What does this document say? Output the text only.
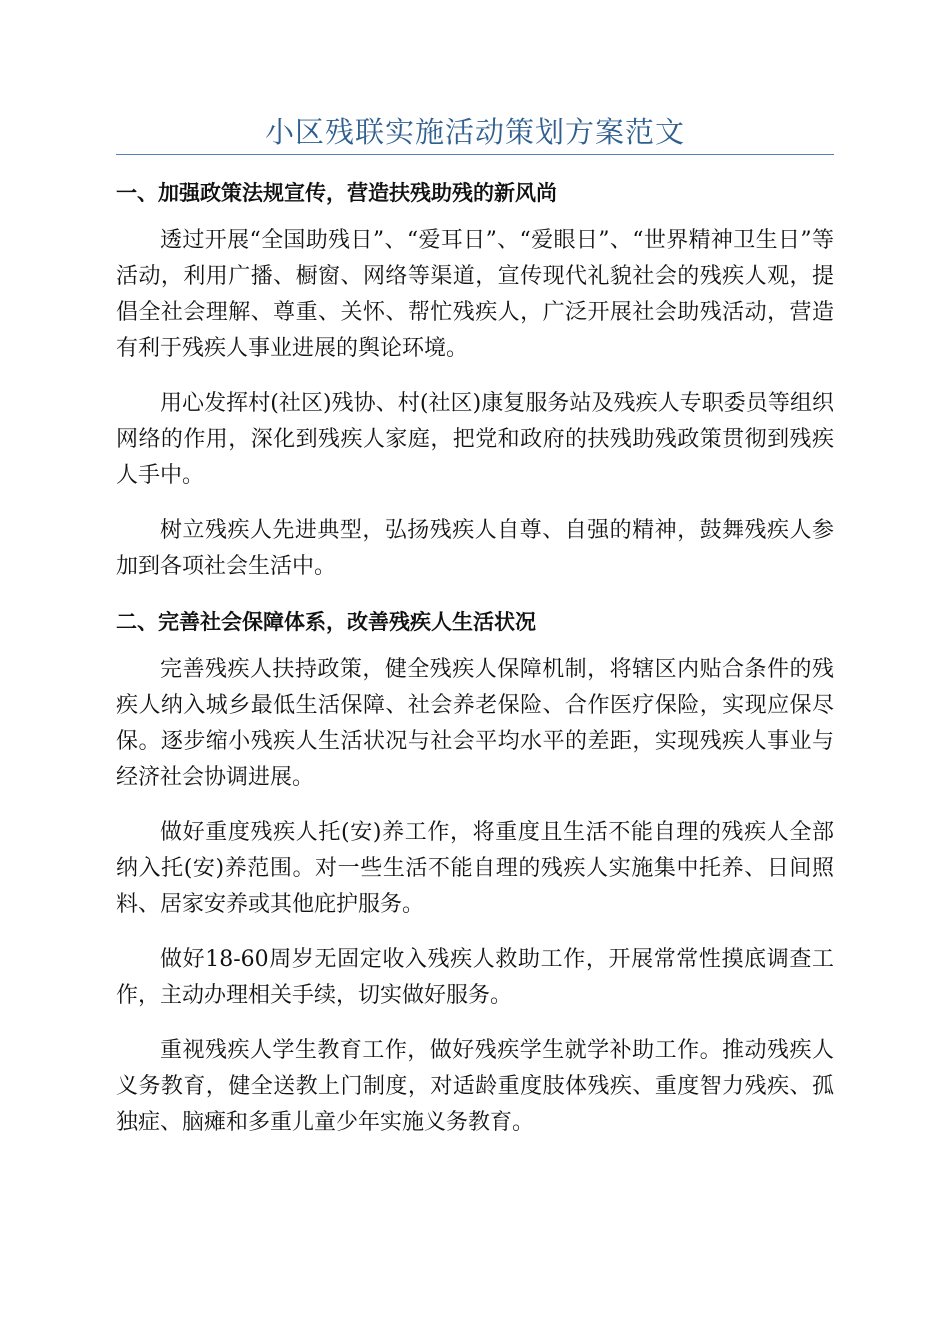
小区残联实施活动策划方案范文
一、加强政策法规宣传，营造扶残助残的新风尚

透过开展“全国助残日”、“爱耳日”、“爱眼日”、“世界精神卫生日”等活动，利用广播、橱窗、网络等渠道，宣传现代礼貌社会的残疾人观，提倡全社会理解、尊重、关怀、帮忙残疾人，广泛开展社会助残活动，营造有利于残疾人事业进展的舆论环境。

用心发挥村(社区)残协、村(社区)康复服务站及残疾人专职委员等组织网络的作用，深化到残疾人家庭，把党和政府的扶残助残政策贯彻到残疾人手中。

树立残疾人先进典型，弘扬残疾人自尊、自强的精神，鼓舞残疾人参加到各项社会生活中。

二、完善社会保障体系，改善残疾人生活状况

完善残疾人扶持政策，健全残疾人保障机制，将辖区内贴合条件的残疾人纳入城乡最低生活保障、社会养老保险、合作医疗保险，实现应保尽保。逐步缩小残疾人生活状况与社会平均水平的差距，实现残疾人事业与经济社会协调进展。

做好重度残疾人托(安)养工作，将重度且生活不能自理的残疾人全部纳入托(安)养范围。对一些生活不能自理的残疾人实施集中托养、日间照料、居家安养或其他庇护服务。

做好18-60周岁无固定收入残疾人救助工作，开展常常性摸底调查工作，主动办理相关手续，切实做好服务。

重视残疾人学生教育工作，做好残疾学生就学补助工作。推动残疾人义务教育，健全送教上门制度，对适龄重度肢体残疾、重度智力残疾、孤独症、脑瘫和多重儿童少年实施义务教育。
